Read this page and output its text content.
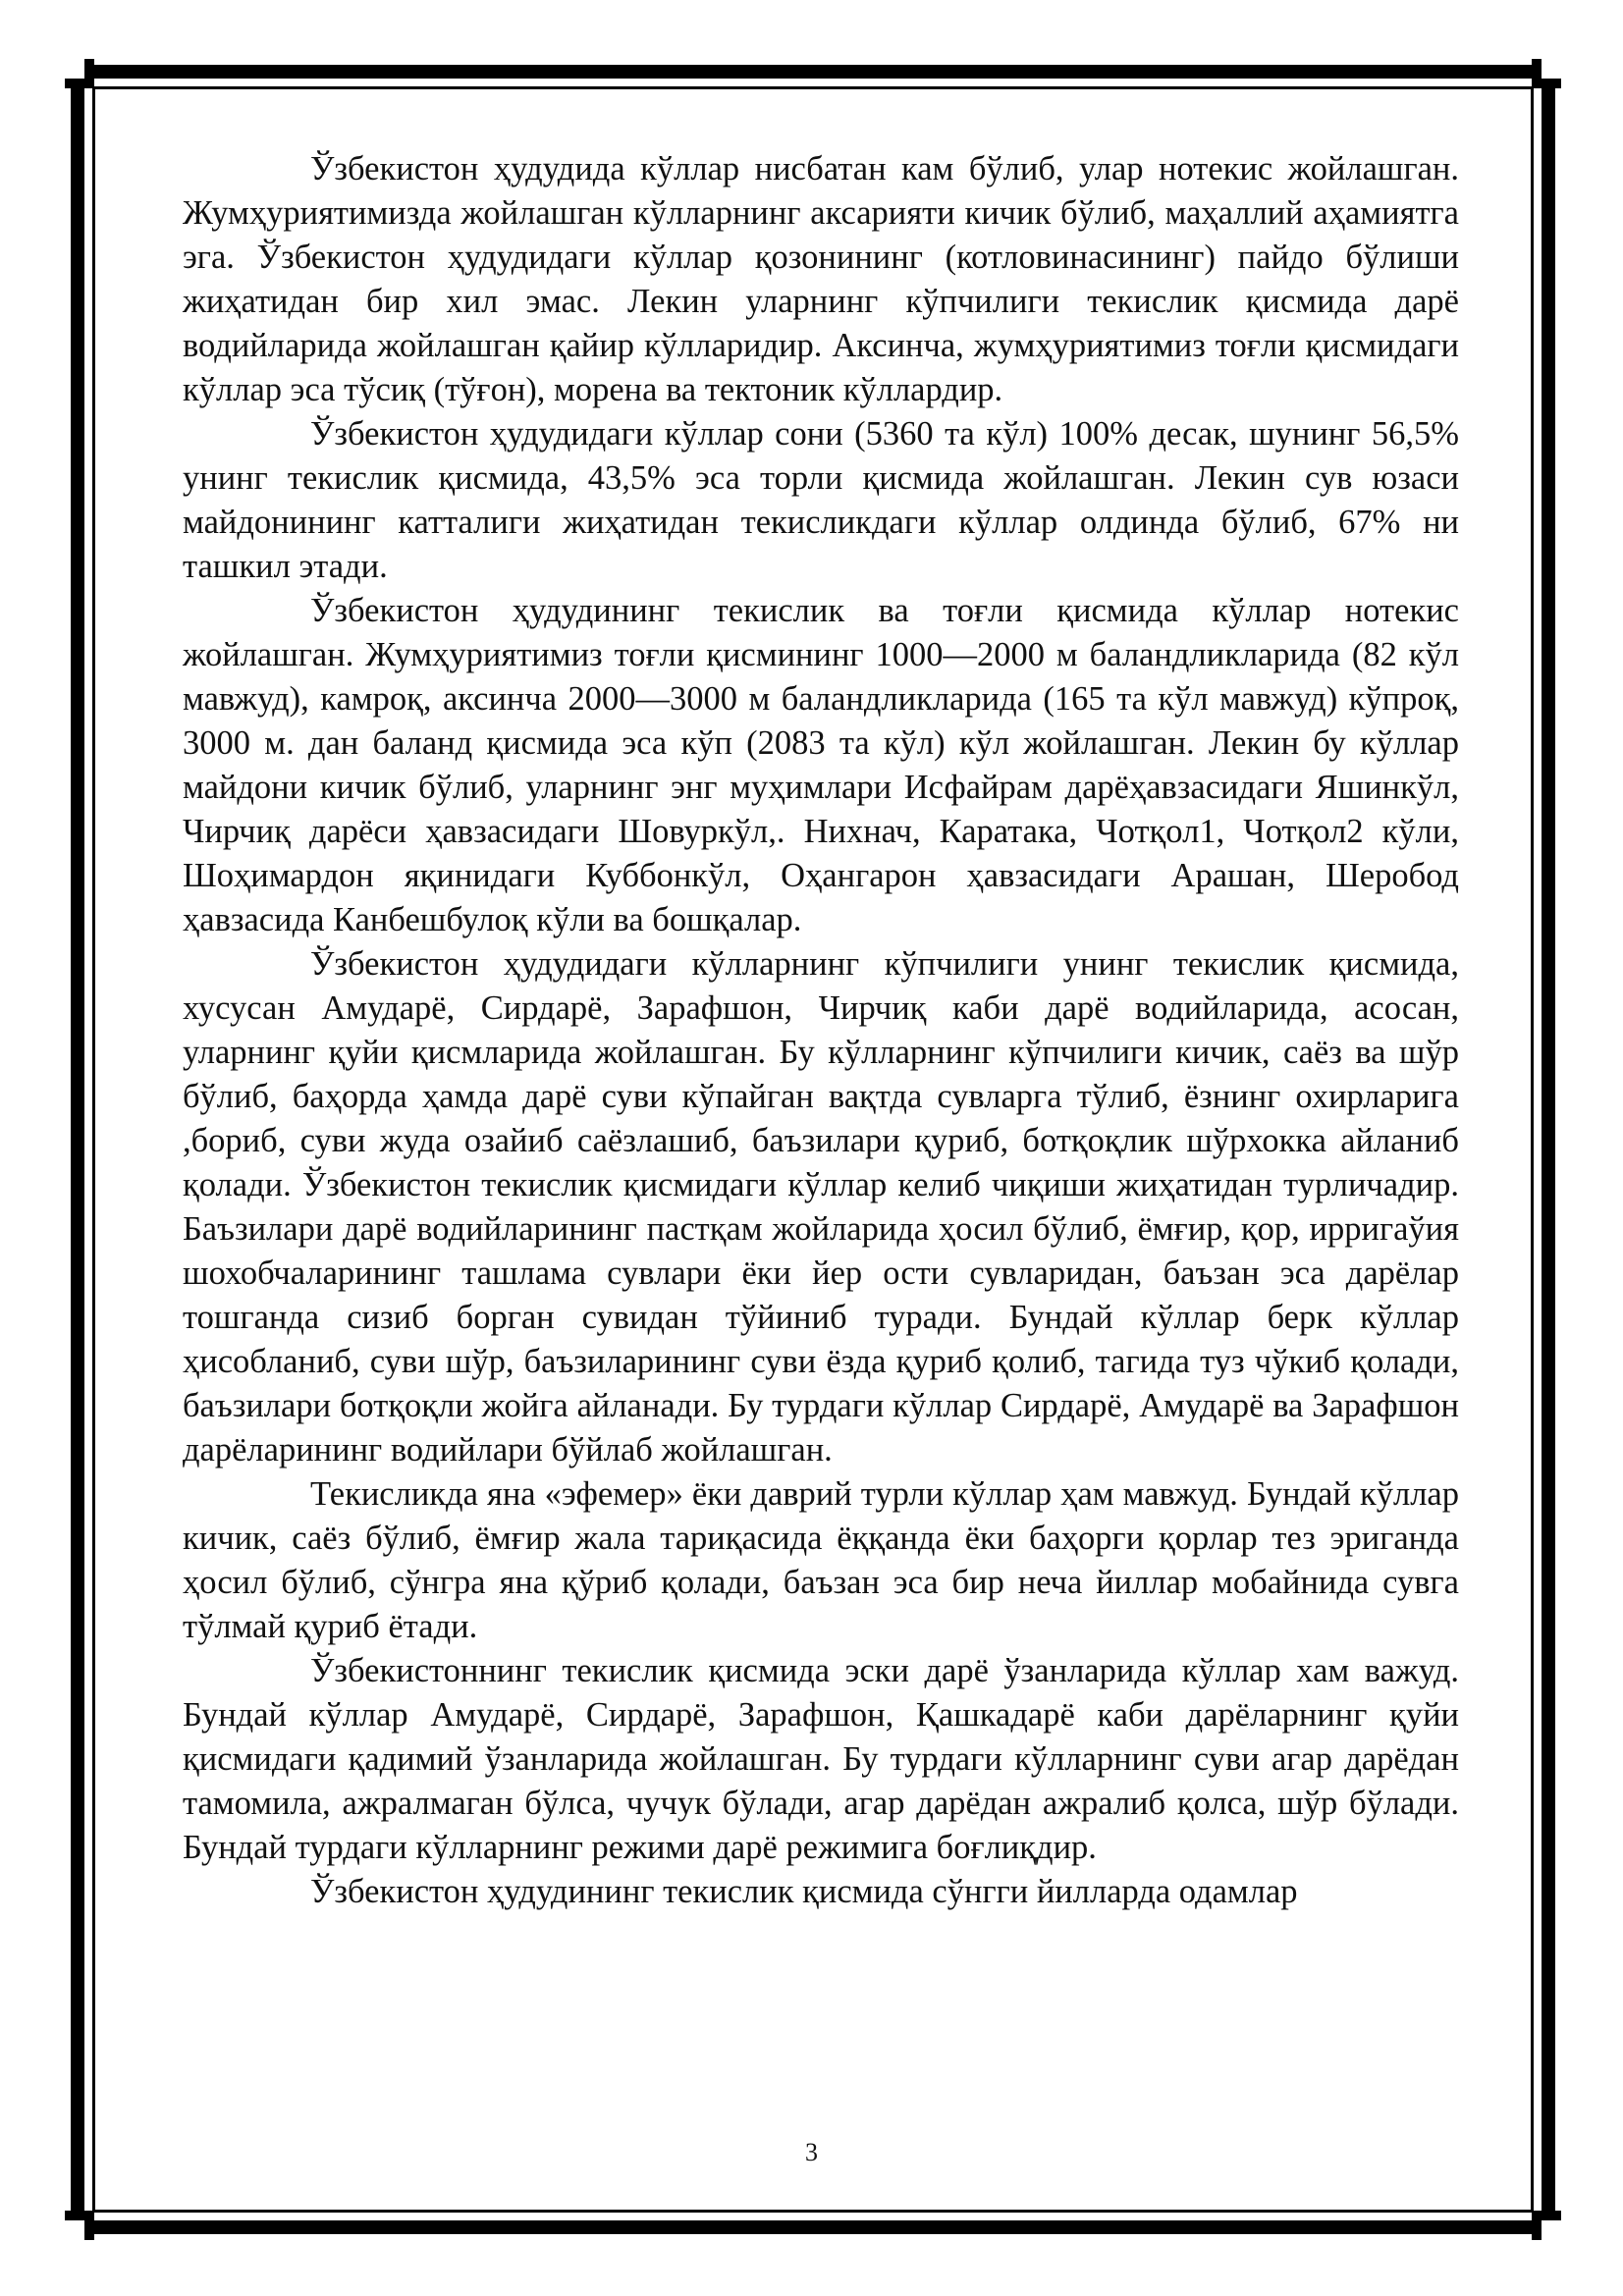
Ўзбекистон ҳудудида кўллар нисбатан кам бўлиб, улар нотекис жойлашган. Жумҳуриятимизда жойлашган кўлларнинг аксарияти кичик бўлиб, маҳаллий аҳамиятга эга. Ўзбекистон ҳудудидаги кўллар қозонининг (котловинасининг) пайдо бўлиши жиҳатидан бир хил эмас. Лекин уларнинг кўпчилиги текислик қисмида дарё водийларида жойлашган қайир кўлларидир. Аксинча, жумҳуриятимиз тоғли қисмидаги кўллар эса тўсиқ (тўғон), морена ва тектоник кўллардир.

Ўзбекистон ҳудудидаги кўллар сони (5360 та кўл) 100% десак, шунинг 56,5% унинг текислик қисмида, 43,5% эса торли қисмида жойлашган. Лекин сув юзаси майдонининг катталиги жиҳатидан текисликдаги кўллар олдинда бўлиб, 67% ни ташкил этади.

Ўзбекистон ҳудудининг текислик ва тоғли қисмида кўллар нотекис жойлашган. Жумҳуриятимиз тоғли қисмининг 1000—2000 м баландликларида (82 кўл мавжуд), камроқ, аксинча 2000—3000 м баландликларида (165 та кўл мавжуд) кўпроқ, 3000 м. дан баланд қисмида эса кўп (2083 та кўл) кўл жойлашган. Лекин бу кўллар майдони кичик бўлиб, уларнинг энг муҳимлари Исфайрам дарёҳавзасидаги Яшинкўл, Чирчиқ дарёси ҳавзасидаги Шовуркўл,. Нихнач, Каратака, Чотқол1, Чотқол2 кўли, Шоҳимардон яқинидаги Куббонкўл, Оҳангарон ҳавзасидаги Арашан, Шеробод ҳавзасида Канбешбулоқ кўли ва бошқалар.

Ўзбекистон ҳудудидаги кўлларнинг кўпчилиги унинг текислик қисмида, хусусан Амударё, Сирдарё, Зарафшон, Чирчиқ каби дарё водийларида, асосан, уларнинг қуйи қисмларида жойлашган. Бу кўлларнинг кўпчилиги кичик, саёз ва шўр бўлиб, баҳорда ҳамда дарё суви кўпайган вақтда сувларга тўлиб, ёзнинг охирларига ,бориб, суви жуда озайиб саёзлашиб, баъзилари қуриб, ботқоқлик шўрхокка айланиб қолади. Ўзбекистон текислик қисмидаги кўллар келиб чиқиши жиҳатидан турличадир. Баъзилари дарё водийларининг пастқам жойларида ҳосил бўлиб, ёмғир, қор, ирригаўия шохобчаларининг ташлама сувлари ёки йер ости сувларидан, баъзан эса дарёлар тошганда сизиб борган сувидан тўйиниб туради. Бундай кўллар берк кўллар ҳисобланиб, суви шўр, баъзиларининг суви ёзда қуриб қолиб, тагида туз чўкиб қолади, баъзилари ботқоқли жойга айланади. Бу турдаги кўллар Сирдарё, Амударё ва Зарафшон дарёларининг водийлари бўйлаб жойлашган.

Текисликда яна «эфемер» ёки даврий турли кўллар ҳам мавжуд. Бундай кўллар кичик, саёз бўлиб, ёмғир жала тариқасида ёққанда ёки баҳорги қорлар тез эриганда ҳосил бўлиб, сўнгра яна қўриб қолади, баъзан эса бир неча йиллар мобайнида сувга тўлмай қуриб ётади.

Ўзбекистоннинг текислик қисмида эски дарё ўзанларида кўллар хам важуд. Бундай кўллар Амударё, Сирдарё, Зарафшон, Қашкадарё каби дарёларнинг қуйи қисмидаги қадимий ўзанларида жойлашган. Бу турдаги кўлларнинг суви агар дарёдан тамомила, ажралмаган бўлса, чучук бўлади, агар дарёдан ажралиб қолса, шўр бўлади. Бундай турдаги кўлларнинг режими дарё режимига боғлиқдир.

Ўзбекистон ҳудудининг текислик қисмида сўнгги йилларда одамлар

3
